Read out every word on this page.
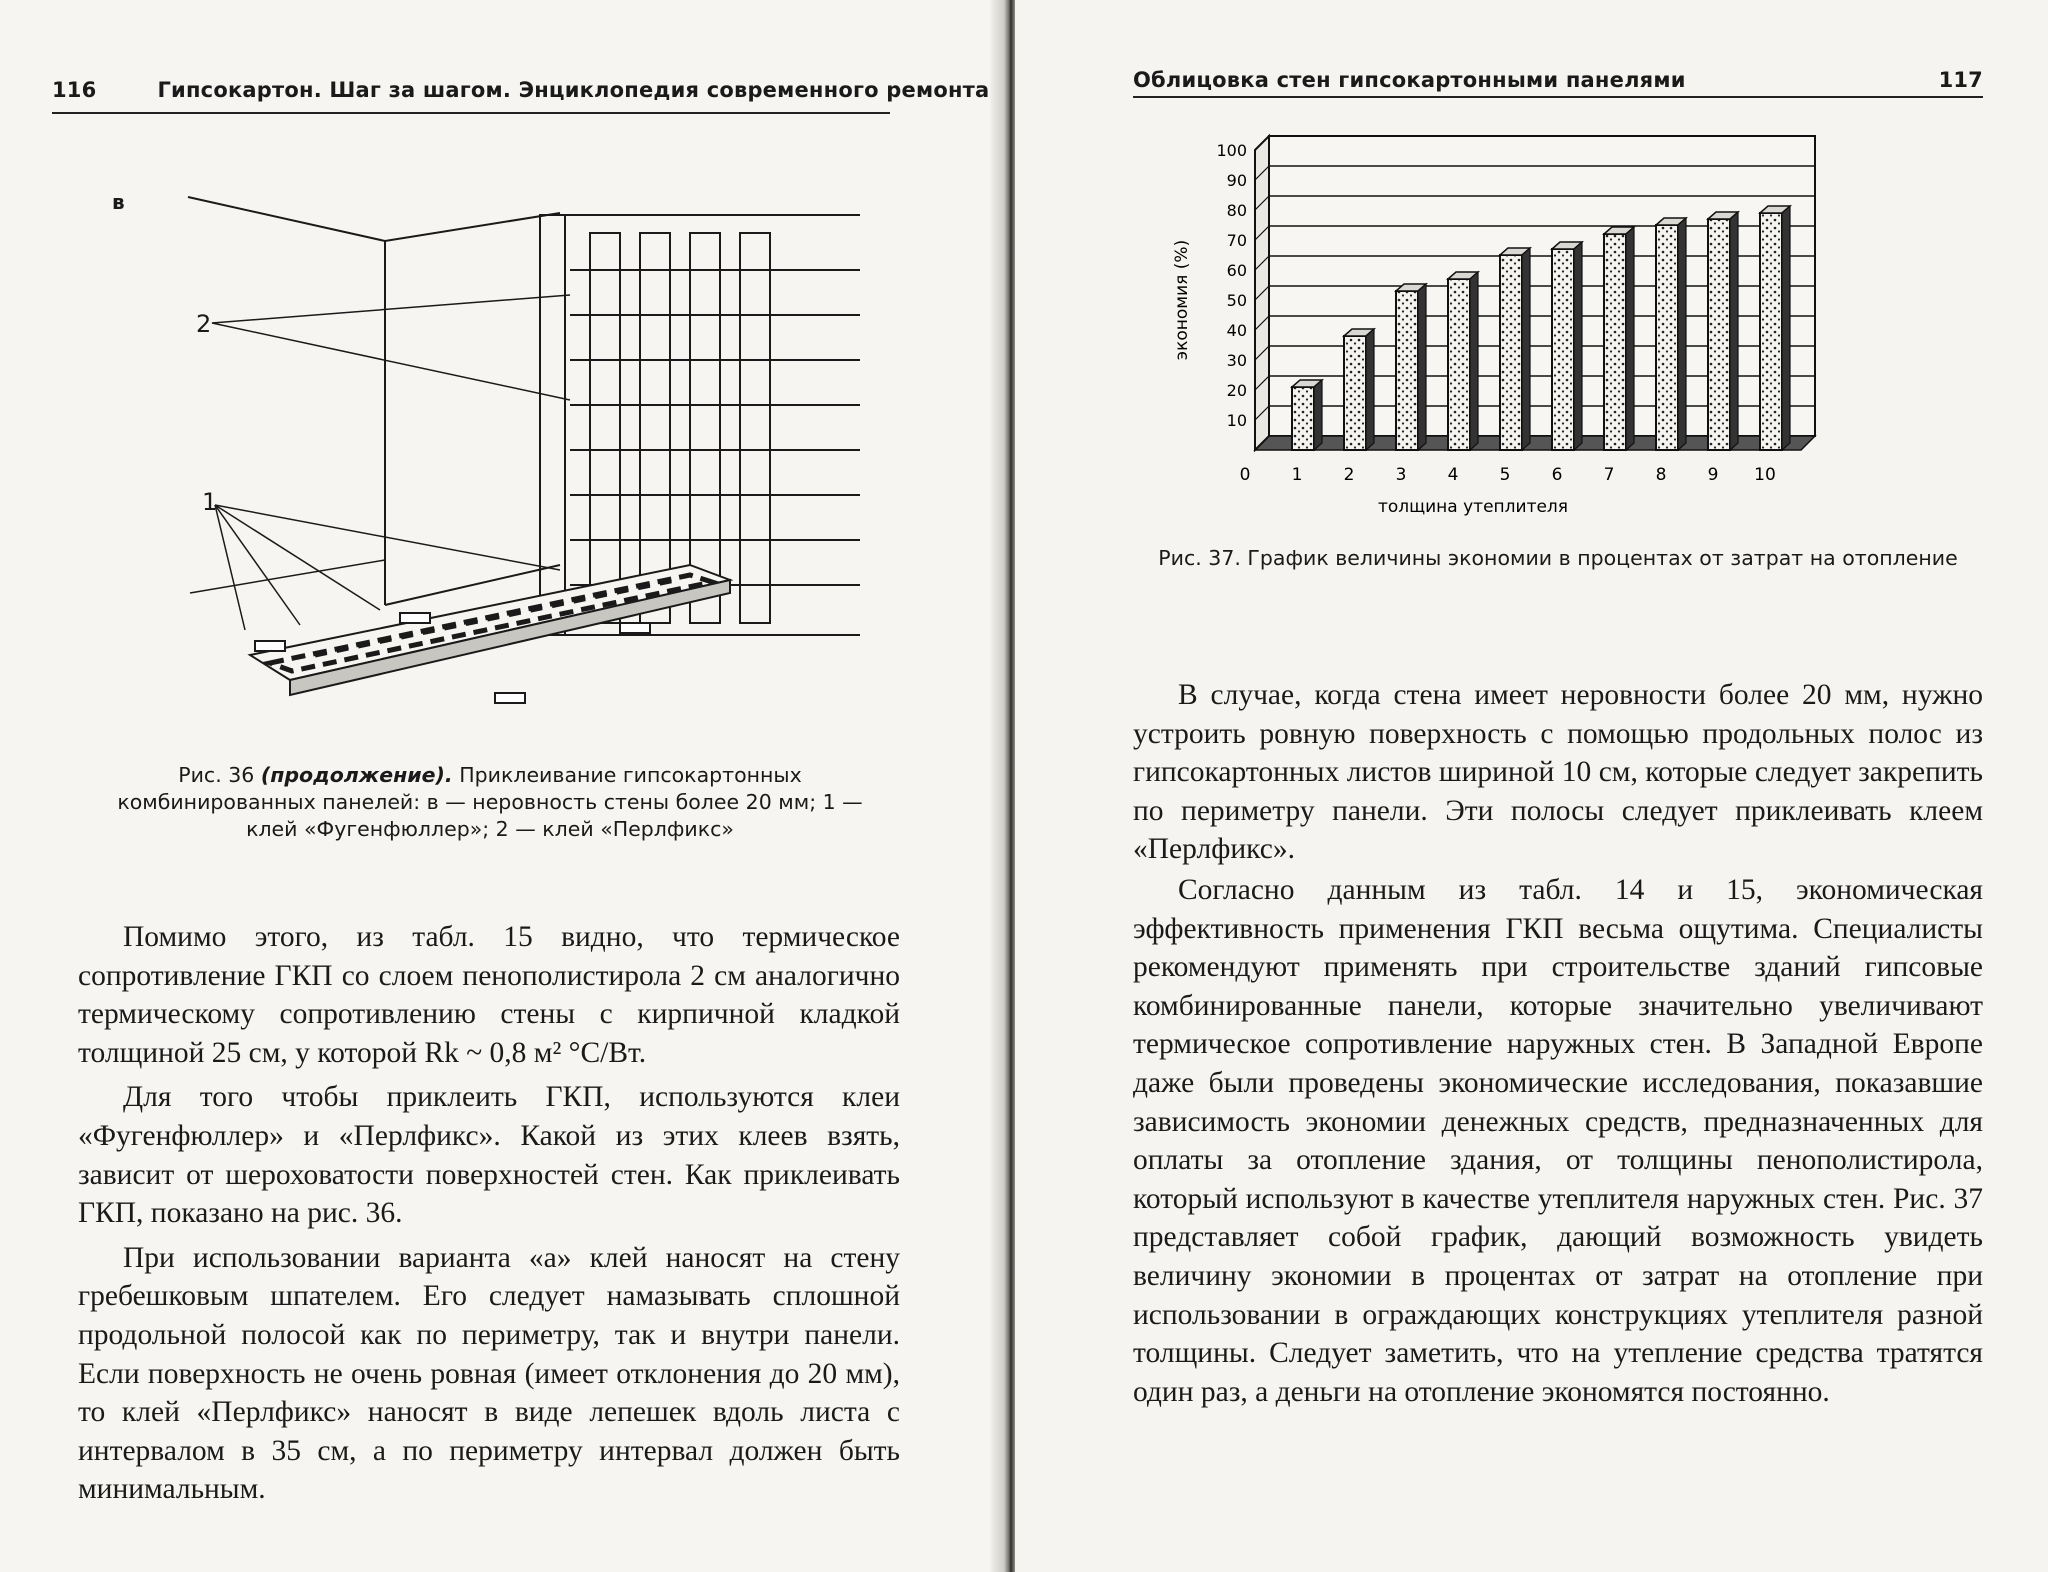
116	Гипсокартон. Шаг за шагом. Энциклопедия современного ремонта
в
2
1
Рис. 36 (продолжение). Приклеивание гипсокартонных комбинированных панелей: в — неровность стены более 20 мм; 1 — клей «Фугенфюллер»; 2 — клей «Перлфикс»

Помимо этого, из табл. 15 видно, что термическое сопротивление ГКП со слоем пенополистирола 2 см аналогично термическому сопротивлению стены с кирпичной кладкой толщиной 25 см, у которой Rk ~ 0,8 м² °С/Вт.

Для того чтобы приклеить ГКП, используются клеи «Фугенфюллер» и «Перлфикс». Какой из этих клеев взять, зависит от шероховатости поверхностей стен. Как приклеивать ГКП, показано на рис. 36.

При использовании варианта «а» клей наносят на стену гребешковым шпателем. Его следует намазывать сплошной продольной полосой как по периметру, так и внутри панели. Если поверхность не очень ровная (имеет отклонения до 20 мм), то клей «Перлфикс» наносят в виде лепешек вдоль листа с интервалом в 35 см, а по периметру интервал должен быть минимальным.

Облицовка стен гипсокартонными панелями	117
экономия (%)
толщина утеплителя
10
20
30
40
50
60
70
80
90
100
0 1 2 3 4 5 6 7 8 9 10
Рис. 37. График величины экономии в процентах от затрат на отопление

В случае, когда стена имеет неровности более 20 мм, нужно устроить ровную поверхность с помощью продольных полос из гипсокартонных листов шириной 10 см, которые следует закрепить по периметру панели. Эти полосы следует приклеивать клеем «Перлфикс».

Согласно данным из табл. 14 и 15, экономическая эффективность применения ГКП весьма ощутима. Специалисты рекомендуют применять при строительстве зданий гипсовые комбинированные панели, которые значительно увеличивают термическое сопротивление наружных стен. В Западной Европе даже были проведены экономические исследования, показавшие зависимость экономии денежных средств, предназначенных для оплаты за отопление здания, от толщины пенополистирола, который используют в качестве утеплителя наружных стен. Рис. 37 представляет собой график, дающий возможность увидеть величину экономии в процентах от затрат на отопление при использовании в ограждающих конструкциях утеплителя разной толщины. Следует заметить, что на утепление средства тратятся один раз, а деньги на отопление экономятся постоянно.
